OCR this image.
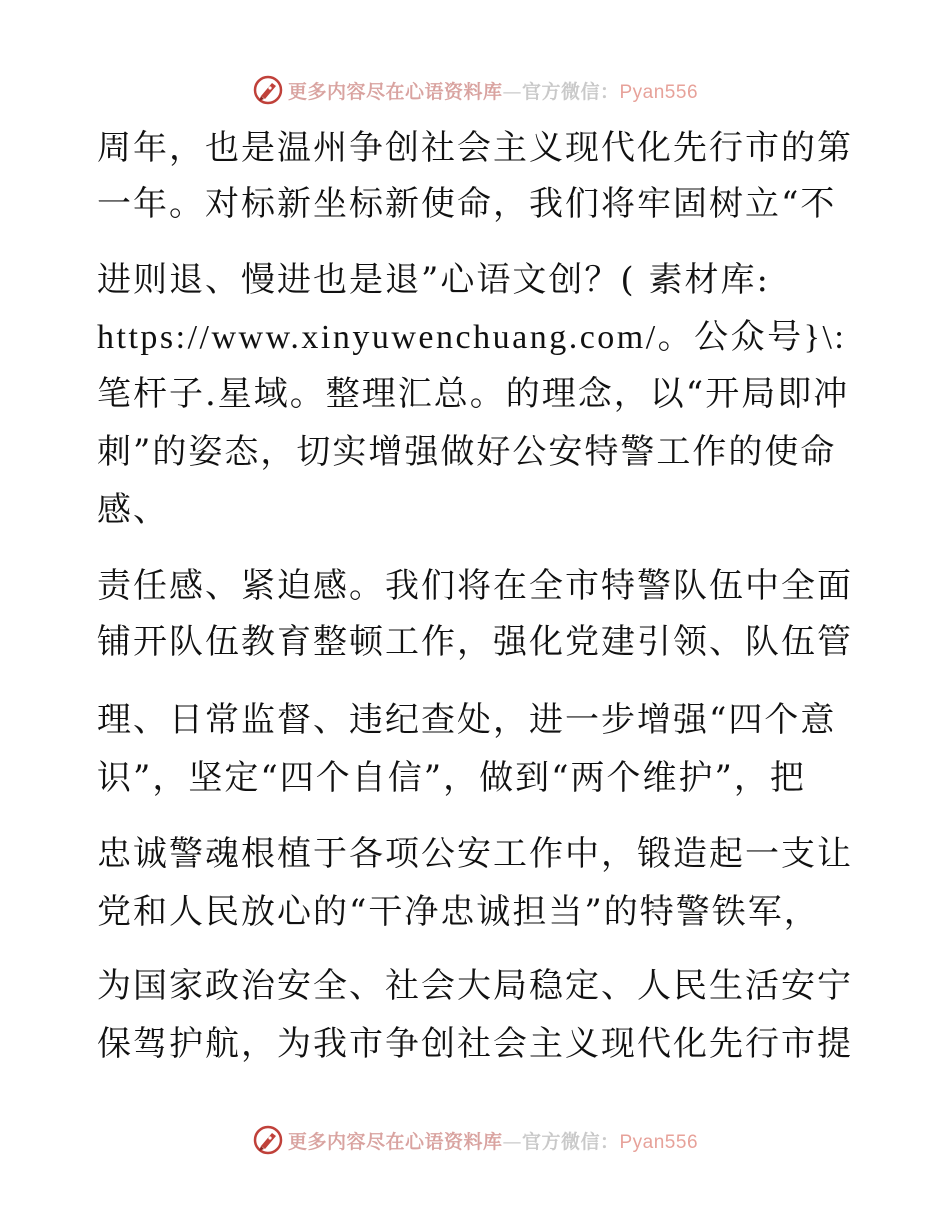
更多内容尽在心语资料库—官方微信：Pyan556
周年，也是温州争创社会主义现代化先行市的第
一年。对标新坐标新使命，我们将牢固树立“不
进则退、慢进也是退”心语文创？( 素材库:
https://www.xinyuwenchuang.com/。公众号}\:
笔杆子.星域。整理汇总。的理念，以“开局即冲
刺”的姿态，切实增强做好公安特警工作的使命
感、
责任感、紧迫感。我们将在全市特警队伍中全面
铺开队伍教育整顿工作，强化党建引领、队伍管
理、日常监督、违纪查处，进一步增强“四个意
识”，坚定“四个自信”，做到“两个维护”，把
忠诚警魂根植于各项公安工作中，锻造起一支让
党和人民放心的“干净忠诚担当”的特警铁军，
为国家政治安全、社会大局稳定、人民生活安宁
保驾护航，为我市争创社会主义现代化先行市提
更多内容尽在心语资料库—官方微信：Pyan556
